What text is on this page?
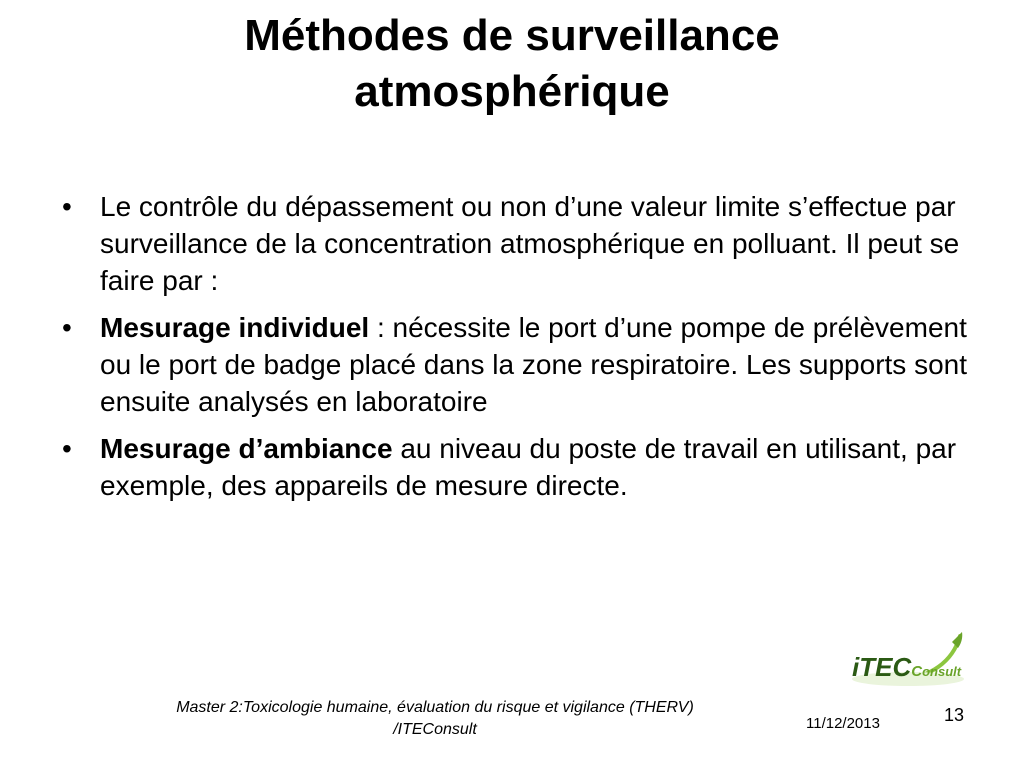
Méthodes de surveillance
atmosphérique
• Le contrôle du dépassement ou non d’une valeur limite s’effectue par surveillance de la concentration atmosphérique en polluant. Il peut se faire par :
• Mesurage individuel : nécessite le port d’une pompe de prélèvement ou le port de badge placé dans la zone respiratoire. Les supports sont ensuite analysés en laboratoire
• Mesurage d’ambiance au niveau du poste de travail en utilisant, par exemple, des appareils de mesure directe.
iTECConsult
Master 2:Toxicologie humaine, évaluation du risque et vigilance (THERV)
/ITEConsult	11/12/2013	13
